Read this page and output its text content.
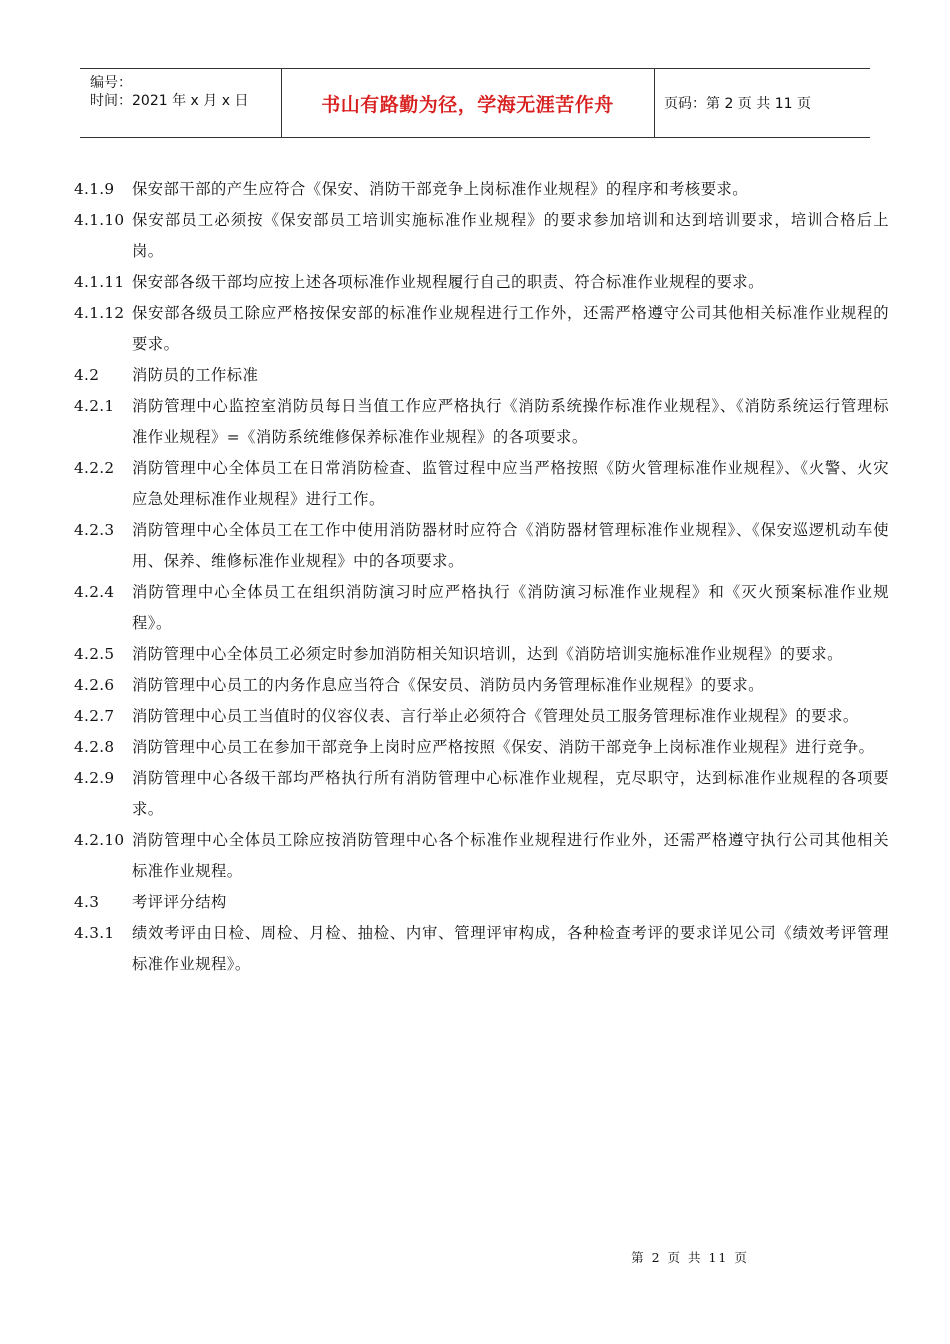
编号：
时间：2021 年 x 月 x 日	书山有路勤为径，学海无涯苦作舟	页码：第 2 页 共 11 页
4.1.9	保安部干部的产生应符合《保安、消防干部竞争上岗标准作业规程》的程序和考核要求。
4.1.10 保安部员工必须按《保安部员工培训实施标准作业规程》的要求参加培训和达到培训要求，培训合格后上岗。
4.1.11 保安部各级干部均应按上述各项标准作业规程履行自己的职责、符合标准作业规程的要求。
4.1.12 保安部各级员工除应严格按保安部的标准作业规程进行工作外，还需严格遵守公司其他相关标准作业规程的要求。
4.2	消防员的工作标准
4.2.1	消防管理中心监控室消防员每日当值工作应严格执行《消防系统操作标准作业规程》、《消防系统运行管理标准作业规程》=《消防系统维修保养标准作业规程》的各项要求。
4.2.2	消防管理中心全体员工在日常消防检查、监管过程中应当严格按照《防火管理标准作业规程》、《火警、火灾应急处理标准作业规程》进行工作。
4.2.3	消防管理中心全体员工在工作中使用消防器材时应符合《消防器材管理标准作业规程》、《保安巡逻机动车使用、保养、维修标准作业规程》中的各项要求。
4.2.4	消防管理中心全体员工在组织消防演习时应严格执行《消防演习标准作业规程》和《灭火预案标准作业规程》。
4.2.5	消防管理中心全体员工必须定时参加消防相关知识培训，达到《消防培训实施标准作业规程》的要求。
4.2.6	消防管理中心员工的内务作息应当符合《保安员、消防员内务管理标准作业规程》的要求。
4.2.7	消防管理中心员工当值时的仪容仪表、言行举止必须符合《管理处员工服务管理标准作业规程》的要求。
4.2.8	消防管理中心员工在参加干部竞争上岗时应严格按照《保安、消防干部竞争上岗标准作业规程》进行竞争。
4.2.9	消防管理中心各级干部均严格执行所有消防管理中心标准作业规程，克尽职守，达到标准作业规程的各项要求。
4.2.10 消防管理中心全体员工除应按消防管理中心各个标准作业规程进行作业外，还需严格遵守执行公司其他相关标准作业规程。
4.3	考评评分结构
4.3.1	绩效考评由日检、周检、月检、抽检、内审、管理评审构成，各种检查考评的要求详见公司《绩效考评管理标准作业规程》。
第 2 页 共 11 页
